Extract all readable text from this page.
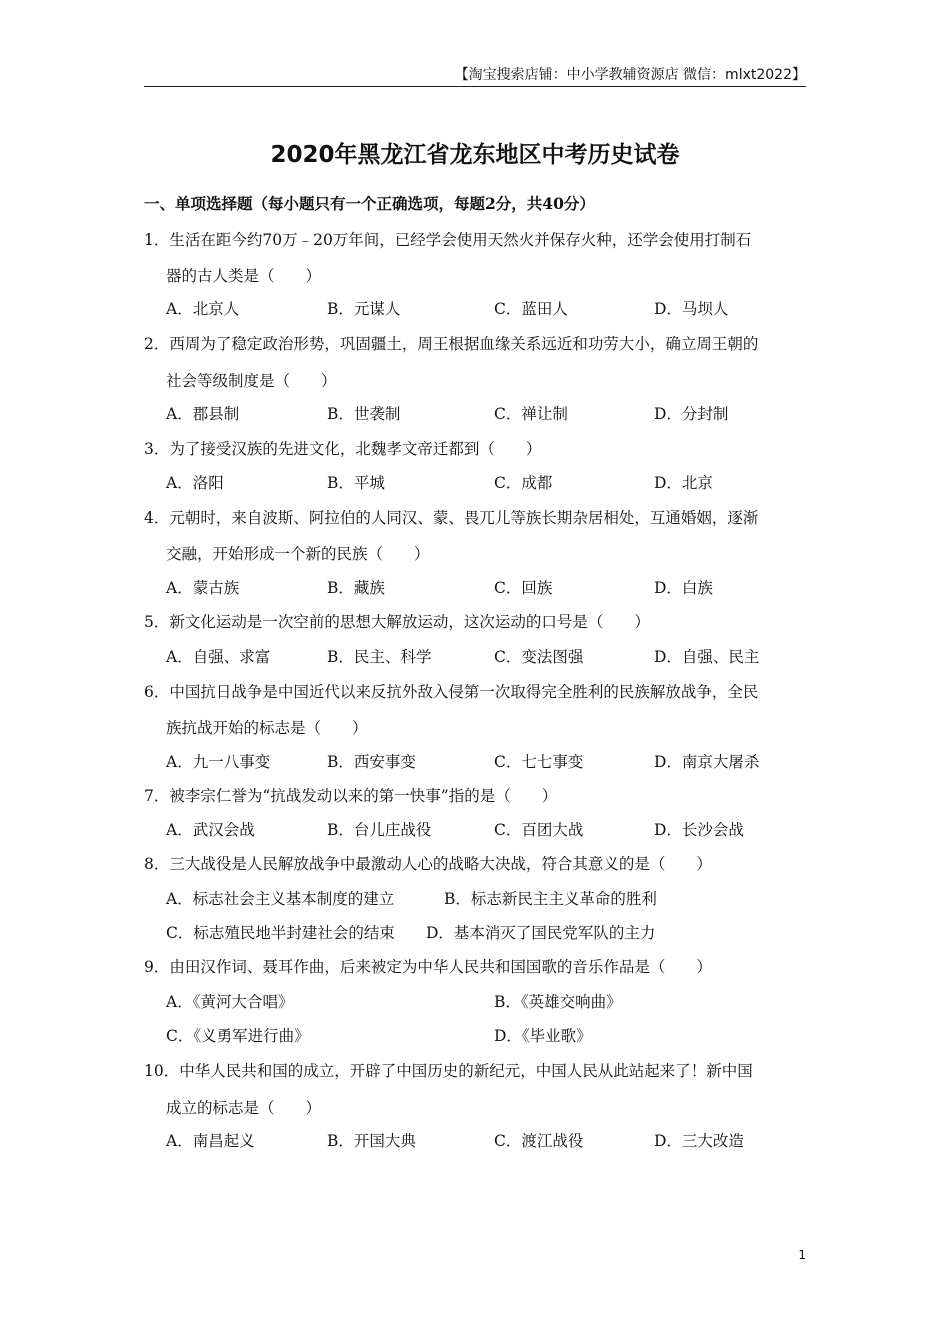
【淘宝搜索店铺：中小学教辅资源店 微信：mlxt2022】
2020年黑龙江省龙东地区中考历史试卷
一、单项选择题（每小题只有一个正确选项，每题2分，共40分）
1．生活在距今约70万﹣20万年间，已经学会使用天然火并保存火种，还学会使用打制石
器的古人类是（　　）
A．北京人	B．元谋人	C．蓝田人	D．马坝人
2．西周为了稳定政治形势，巩固疆土，周王根据血缘关系远近和功劳大小，确立周王朝的
社会等级制度是（　　）
A．郡县制	B．世袭制	C．禅让制	D．分封制
3．为了接受汉族的先进文化，北魏孝文帝迁都到（　　）
A．洛阳	B．平城	C．成都	D．北京
4．元朝时，来自波斯、阿拉伯的人同汉、蒙、畏兀儿等族长期杂居相处，互通婚姻，逐渐
交融，开始形成一个新的民族（　　）
A．蒙古族	B．藏族	C．回族	D．白族
5．新文化运动是一次空前的思想大解放运动，这次运动的口号是（　　）
A．自强、求富	B．民主、科学	C．变法图强	D．自强、民主
6．中国抗日战争是中国近代以来反抗外敌入侵第一次取得完全胜利的民族解放战争，全民
族抗战开始的标志是（　　）
A．九一八事变	B．西安事变	C．七七事变	D．南京大屠杀
7．被李宗仁誉为“抗战发动以来的第一快事”指的是（　　）
A．武汉会战	B．台儿庄战役	C．百团大战	D．长沙会战
8．三大战役是人民解放战争中最激动人心的战略大决战，符合其意义的是（　　）
A．标志社会主义基本制度的建立	B．标志新民主主义革命的胜利
C．标志殖民地半封建社会的结束 D．基本消灭了国民党军队的主力
9．由田汉作词、聂耳作曲，后来被定为中华人民共和国国歌的音乐作品是（　　）
A．《黄河大合唱》	B．《英雄交响曲》
C．《义勇军进行曲》	D．《毕业歌》
10．中华人民共和国的成立，开辟了中国历史的新纪元，中国人民从此站起来了！新中国
成立的标志是（　　）
A．南昌起义	B．开国大典	C．渡江战役	D．三大改造
1
